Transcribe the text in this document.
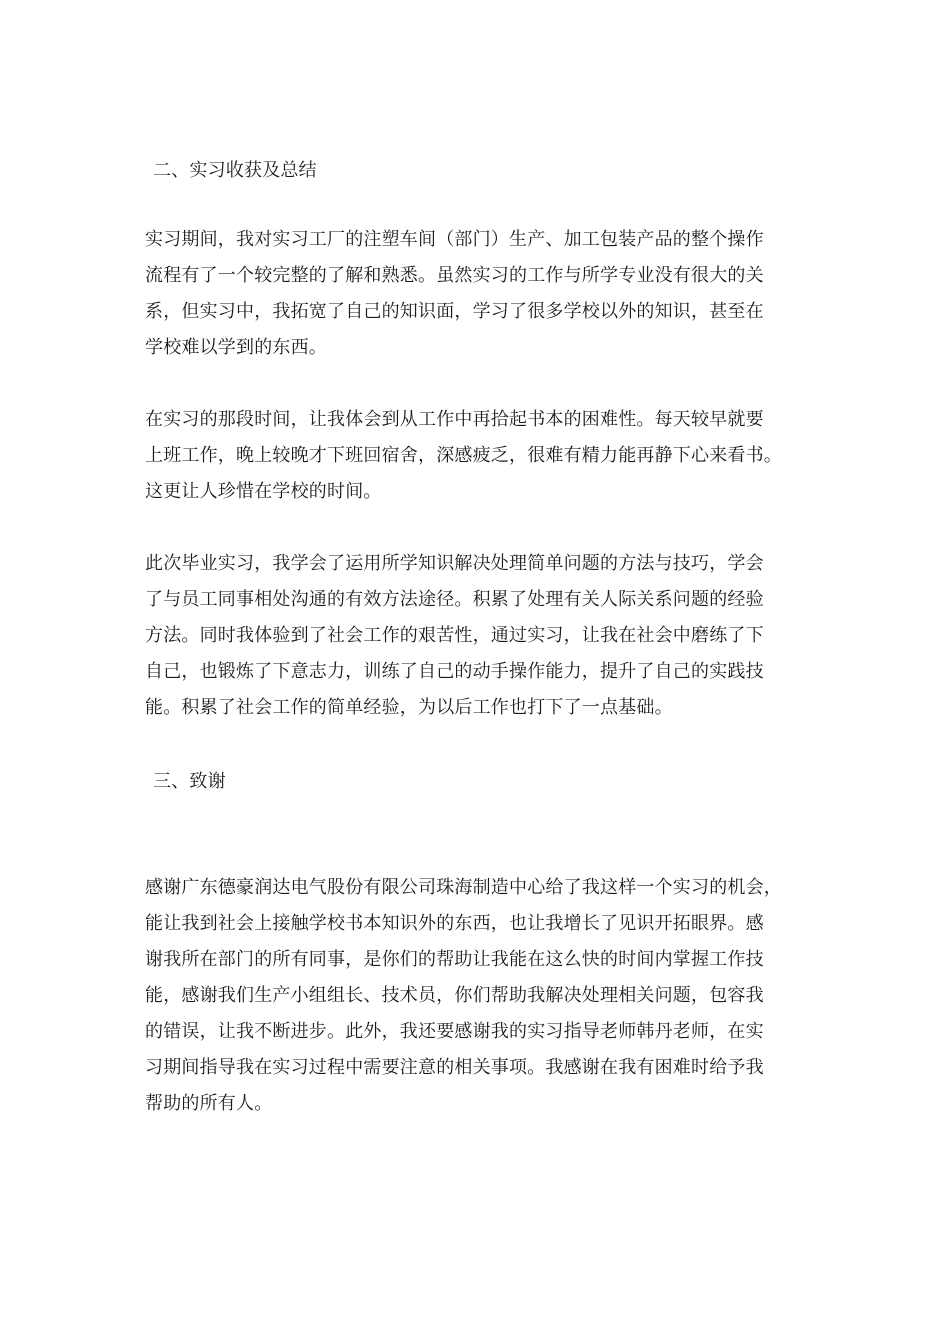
二、实习收获及总结
实习期间，我对实习工厂的注塑车间（部门）生产、加工包装产品的整个操作
流程有了一个较完整的了解和熟悉。虽然实习的工作与所学专业没有很大的关
系，但实习中，我拓宽了自己的知识面，学习了很多学校以外的知识，甚至在
学校难以学到的东西。
在实习的那段时间，让我体会到从工作中再拾起书本的困难性。每天较早就要
上班工作，晚上较晚才下班回宿舍，深感疲乏，很难有精力能再静下心来看书。
这更让人珍惜在学校的时间。
此次毕业实习，我学会了运用所学知识解决处理简单问题的方法与技巧，学会
了与员工同事相处沟通的有效方法途径。积累了处理有关人际关系问题的经验
方法。同时我体验到了社会工作的艰苦性，通过实习，让我在社会中磨练了下
自己，也锻炼了下意志力，训练了自己的动手操作能力，提升了自己的实践技
能。积累了社会工作的简单经验，为以后工作也打下了一点基础。
三、致谢
感谢广东德豪润达电气股份有限公司珠海制造中心给了我这样一个实习的机会，
能让我到社会上接触学校书本知识外的东西，也让我增长了见识开拓眼界。感
谢我所在部门的所有同事，是你们的帮助让我能在这么快的时间内掌握工作技
能，感谢我们生产小组组长、技术员，你们帮助我解决处理相关问题，包容我
的错误，让我不断进步。此外，我还要感谢我的实习指导老师韩丹老师，在实
习期间指导我在实习过程中需要注意的相关事项。我感谢在我有困难时给予我
帮助的所有人。
